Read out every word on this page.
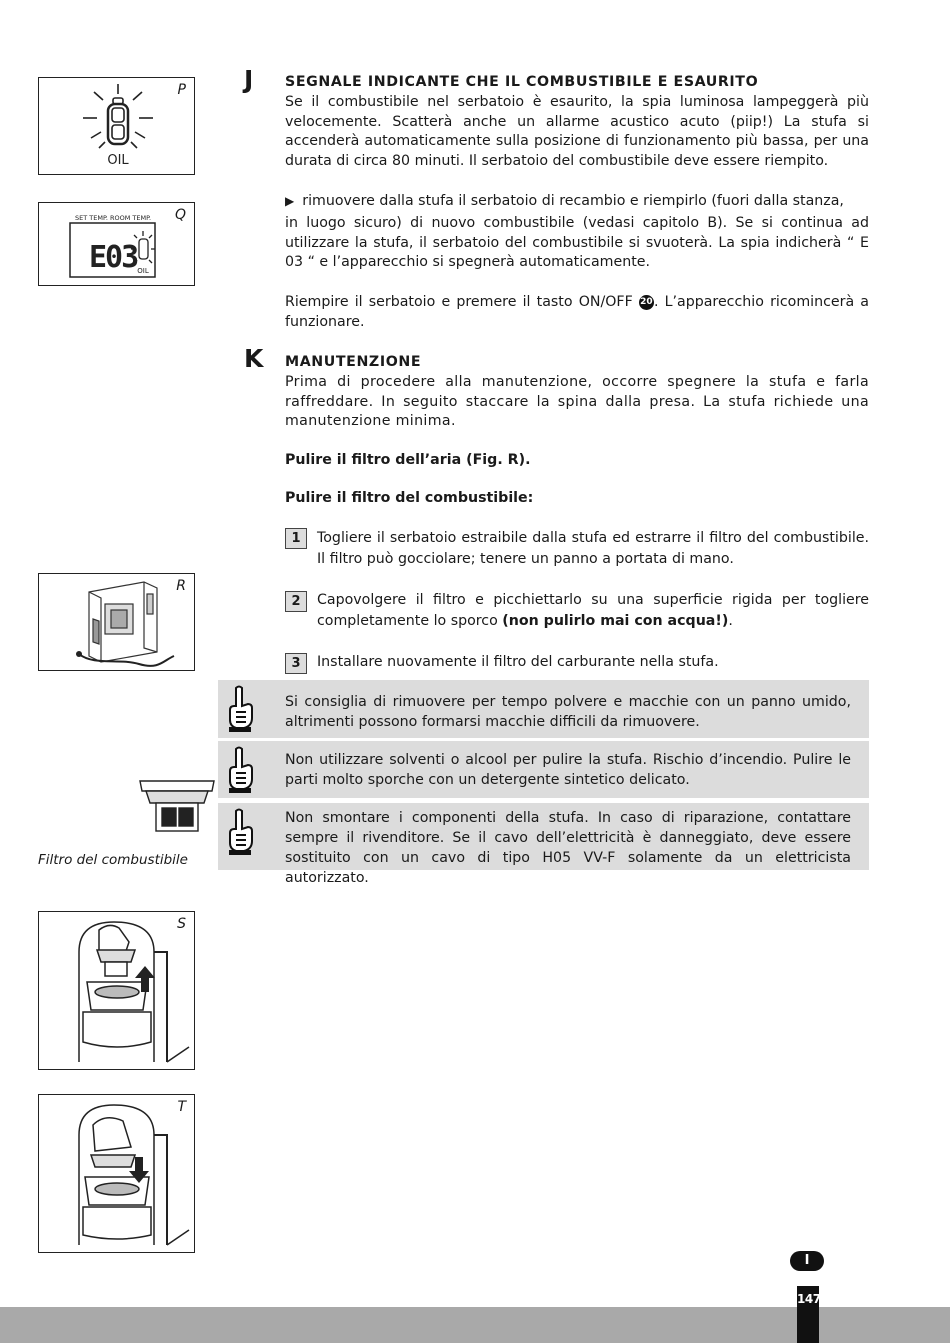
P
OIL
Q
SET TEMP. ROOM TEMP.
E03 OIL
R
Filtro del combustibile
S
T
J SEGNALE INDICANTE CHE IL COMBUSTIBILE E ESAURITO
Se il combustibile nel serbatoio è esaurito, la spia luminosa lampeggerà più velocemente. Scatterà anche un allarme acustico acuto (piip!) La stufa si accenderà automaticamente sulla posizione di funzionamento più bassa, per una durata di circa 80 minuti. Il serbatoio del combustibile deve essere riempito.
▶ rimuovere dalla stufa il serbatoio di recambio e riempirlo (fuori dalla stanza,
in luogo sicuro) di nuovo combustibile (vedasi capitolo B). Se si continua ad utilizzare la stufa, il serbatoio del combustibile si svuoterà. La spia indicherà “ E 03 “ e l’apparecchio si spegnerà automaticamente.
Riempire il serbatoio e premere il tasto ON/OFF 20. L’apparecchio ricomincerà a funzionare.
K MANUTENZIONE
Prima di procedere alla manutenzione, occorre spegnere la stufa e farla raffreddare. In seguito staccare la spina dalla presa. La stufa richiede una manutenzione minima.
Pulire il filtro dell’aria (Fig. R).
Pulire il filtro del combustibile:
1	Togliere il serbatoio estraibile dalla stufa ed estrarre il filtro del combustibile. Il filtro può gocciolare; tenere un panno a portata di mano.
2	Capovolgere il filtro e picchiettarlo su una superficie rigida per togliere completamente lo sporco (non pulirlo mai con acqua!).
3	Installare nuovamente il filtro del carburante nella stufa.
Si consiglia di rimuovere per tempo polvere e macchie con un panno umido, altrimenti possono formarsi macchie difficili da rimuovere.
Non utilizzare solventi o alcool per pulire la stufa. Rischio d’incendio. Pulire le parti molto sporche con un detergente sintetico delicato.
Non smontare i componenti della stufa. In caso di riparazione, contattare sempre il rivenditore. Se il cavo dell’elettricità è danneggiato, deve essere sostituito con un cavo di tipo H05 VV-F solamente da un elettricista autorizzato.
I
147
